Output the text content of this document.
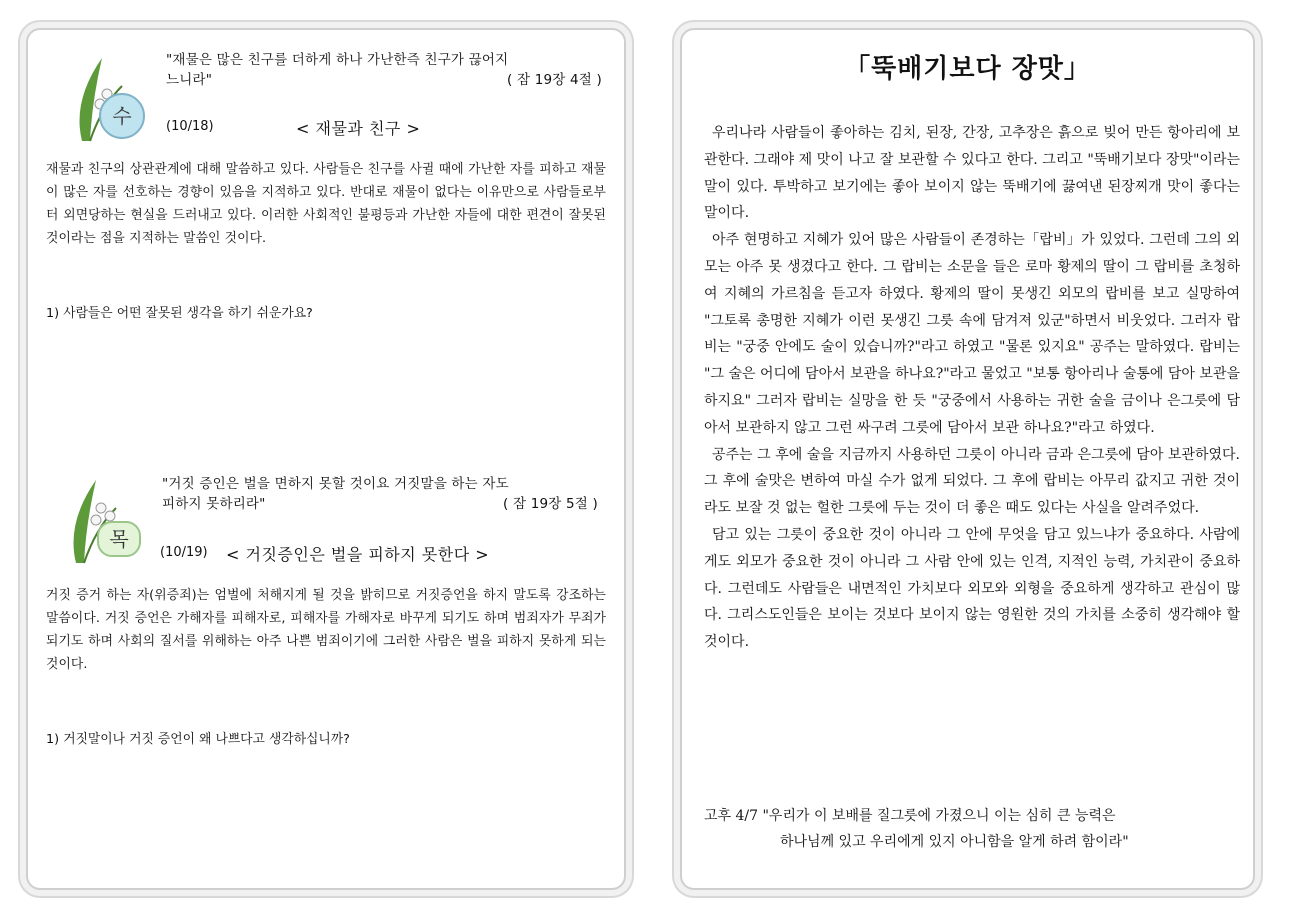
수
"재물은 많은 친구를 더하게 하나 가난한즉 친구가 끊어지
느니라"	( 잠 19장 4절 )
(10/18)	< 재물과 친구 >
재물과 친구의 상관관계에 대해 말씀하고 있다. 사람들은 친구를 사귈 때에 가난한 자를 피하고 재물이 많은 자를 선호하는 경향이 있음을 지적하고 있다. 반대로 재물이 없다는 이유만으로 사람들로부터 외면당하는 현실을 드러내고 있다. 이러한 사회적인 불평등과 가난한 자들에 대한 편견이 잘못된 것이라는 점을 지적하는 말씀인 것이다.
1) 사람들은 어떤 잘못된 생각을 하기 쉬운가요?
목
"거짓 증인은 벌을 면하지 못할 것이요 거짓말을 하는 자도
피하지 못하리라"	( 잠 19장 5절 )
(10/19) < 거짓증인은 벌을 피하지 못한다 >
거짓 증거 하는 자(위증죄)는 엄벌에 처해지게 될 것을 밝히므로 거짓증언을 하지 말도록 강조하는 말씀이다. 거짓 증언은 가해자를 피해자로, 피해자를 가해자로 바꾸게 되기도 하며 범죄자가 무죄가 되기도 하며 사회의 질서를 위해하는 아주 나쁜 범죄이기에 그러한 사람은 벌을 피하지 못하게 되는 것이다.
1) 거짓말이나 거짓 증언이 왜 나쁘다고 생각하십니까?
「뚝배기보다 장맛」

우리나라 사람들이 좋아하는 김치, 된장, 간장, 고추장은 흙으로 빚어 만든 항아리에 보관한다. 그래야 제 맛이 나고 잘 보관할 수 있다고 한다. 그리고 "뚝배기보다 장맛"이라는 말이 있다. 투박하고 보기에는 좋아 보이지 않는 뚝배기에 끓여낸 된장찌개 맛이 좋다는 말이다.

아주 현명하고 지혜가 있어 많은 사람들이 존경하는「랍비」가 있었다. 그런데 그의 외모는 아주 못 생겼다고 한다. 그 랍비는 소문을 들은 로마 황제의 딸이 그 랍비를 초청하여 지혜의 가르침을 듣고자 하였다. 황제의 딸이 못생긴 외모의 랍비를 보고 실망하여 "그토록 총명한 지혜가 이런 못생긴 그릇 속에 담겨져 있군"하면서 비웃었다. 그러자 랍비는 "궁중 안에도 술이 있습니까?"라고 하였고 "물론 있지요" 공주는 말하였다. 랍비는 "그 술은 어디에 담아서 보관을 하나요?"라고 물었고 "보통 항아리나 술통에 담아 보관을 하지요" 그러자 랍비는 실망을 한 듯 "궁중에서 사용하는 귀한 술을 금이나 은그릇에 담아서 보관하지 않고 그런 싸구려 그릇에 담아서 보관 하나요?"라고 하였다.

공주는 그 후에 술을 지금까지 사용하던 그릇이 아니라 금과 은그릇에 담아 보관하였다. 그 후에 술맛은 변하여 마실 수가 없게 되었다. 그 후에 랍비는 아무리 값지고 귀한 것이라도 보잘 것 없는 헐한 그릇에 두는 것이 더 좋은 때도 있다는 사실을 알려주었다.

담고 있는 그릇이 중요한 것이 아니라 그 안에 무엇을 담고 있느냐가 중요하다. 사람에게도 외모가 중요한 것이 아니라 그 사람 안에 있는 인격, 지적인 능력, 가치관이 중요하다. 그런데도 사람들은 내면적인 가치보다 외모와 외형을 중요하게 생각하고 관심이 많다. 그리스도인들은 보이는 것보다 보이지 않는 영원한 것의 가치를 소중히 생각해야 할 것이다.

고후 4/7 "우리가 이 보배를 질그릇에 가졌으니 이는 심히 큰 능력은
하나님께 있고 우리에게 있지 아니함을 알게 하려 함이라"
